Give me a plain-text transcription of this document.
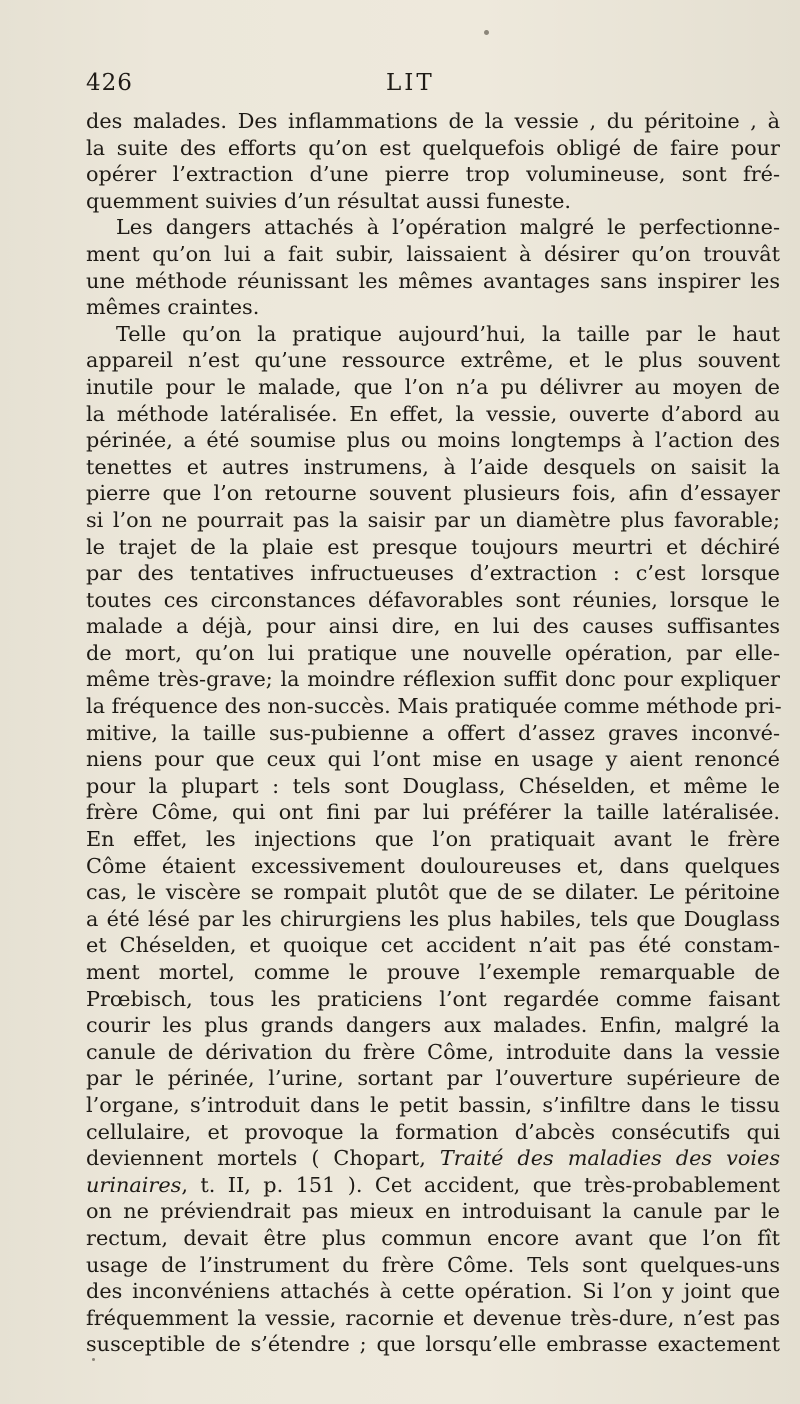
426	LIT
des malades. Des inflammations de la vessie , du péritoine , à
la suite des efforts qu’on est quelquefois obligé de faire pour
opérer l’extraction d’une pierre trop volumineuse, sont fré-
quemment suivies d’un résultat aussi funeste.
Les dangers attachés à l’opération malgré le perfectionne-
ment qu’on lui a fait subir, laissaient à désirer qu’on trouvât
une méthode réunissant les mêmes avantages sans inspirer les
mêmes craintes.
Telle qu’on la pratique aujourd’hui, la taille par le haut
appareil n’est qu’une ressource extrême, et le plus souvent
inutile pour le malade, que l’on n’a pu délivrer au moyen de
la méthode latéralisée. En effet, la vessie, ouverte d’abord au
périnée, a été soumise plus ou moins longtemps à l’action des
tenettes et autres instrumens, à l’aide desquels on saisit la
pierre que l’on retourne souvent plusieurs fois, afin d’essayer
si l’on ne pourrait pas la saisir par un diamètre plus favorable;
le trajet de la plaie est presque toujours meurtri et déchiré
par des tentatives infructueuses d’extraction : c’est lorsque
toutes ces circonstances défavorables sont réunies, lorsque le
malade a déjà, pour ainsi dire, en lui des causes suffisantes
de mort, qu’on lui pratique une nouvelle opération, par elle-
même très-grave; la moindre réflexion suffit donc pour expliquer
la fréquence des non-succès. Mais pratiquée comme méthode pri-
mitive, la taille sus-pubienne a offert d’assez graves inconvé-
niens pour que ceux qui l’ont mise en usage y aient renoncé
pour la plupart : tels sont Douglass, Chéselden, et même le
frère Côme, qui ont fini par lui préférer la taille latéralisée.
En effet, les injections que l’on pratiquait avant le frère
Côme étaient excessivement douloureuses et, dans quelques
cas, le viscère se rompait plutôt que de se dilater. Le péritoine
a été lésé par les chirurgiens les plus habiles, tels que Douglass
et Chéselden, et quoique cet accident n’ait pas été constam-
ment mortel, comme le prouve l’exemple remarquable de
Prœbisch, tous les praticiens l’ont regardée comme faisant
courir les plus grands dangers aux malades. Enfin, malgré la
canule de dérivation du frère Côme, introduite dans la vessie
par le périnée, l’urine, sortant par l’ouverture supérieure de
l’organe, s’introduit dans le petit bassin, s’infiltre dans le tissu
cellulaire, et provoque la formation d’abcès consécutifs qui
deviennent mortels ( Chopart, Traité des maladies des voies
urinaires, t. II, p. 151 ). Cet accident, que très-probablement
on ne préviendrait pas mieux en introduisant la canule par le
rectum, devait être plus commun encore avant que l’on fît
usage de l’instrument du frère Côme. Tels sont quelques-uns
des inconvéniens attachés à cette opération. Si l’on y joint que
fréquemment la vessie, racornie et devenue très-dure, n’est pas
susceptible de s’étendre ; que lorsqu’elle embrasse exactement
